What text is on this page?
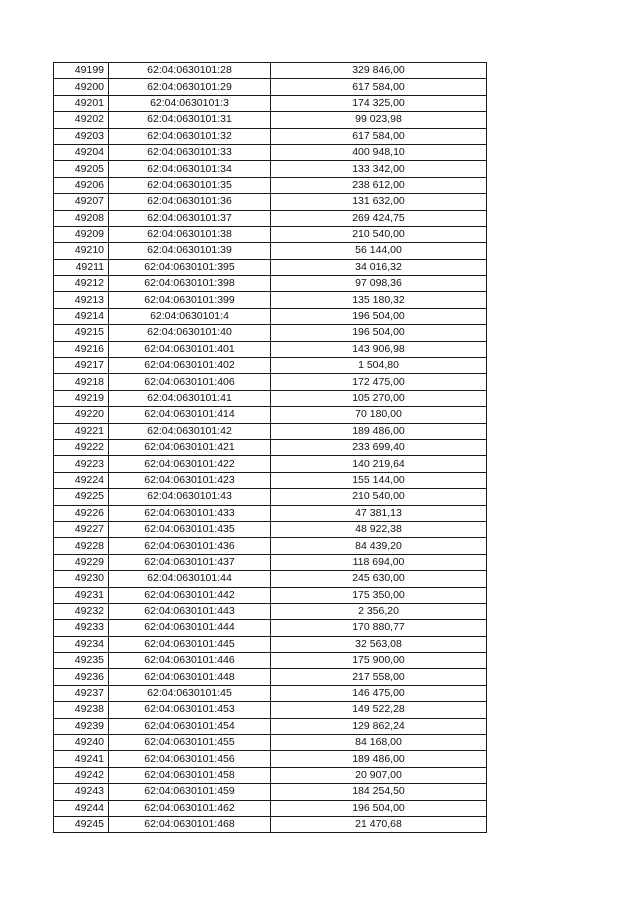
49199	62:04:0630101:28	329 846,00
49200	62:04:0630101:29	617 584,00
49201	62:04:0630101:3	174 325,00
49202	62:04:0630101:31	99 023,98
49203	62:04:0630101:32	617 584,00
49204	62:04:0630101:33	400 948,10
49205	62:04:0630101:34	133 342,00
49206	62:04:0630101:35	238 612,00
49207	62:04:0630101:36	131 632,00
49208	62:04:0630101:37	269 424,75
49209	62:04:0630101:38	210 540,00
49210	62:04:0630101:39	56 144,00
49211	62:04:0630101:395	34 016,32
49212	62:04:0630101:398	97 098,36
49213	62:04:0630101:399	135 180,32
49214	62:04:0630101:4	196 504,00
49215	62:04:0630101:40	196 504,00
49216	62:04:0630101:401	143 906,98
49217	62:04:0630101:402	1 504,80
49218	62:04:0630101:406	172 475,00
49219	62:04:0630101:41	105 270,00
49220	62:04:0630101:414	70 180,00
49221	62:04:0630101:42	189 486,00
49222	62:04:0630101:421	233 699,40
49223	62:04:0630101:422	140 219,64
49224	62:04:0630101:423	155 144,00
49225	62:04:0630101:43	210 540,00
49226	62:04:0630101:433	47 381,13
49227	62:04:0630101:435	48 922,38
49228	62:04:0630101:436	84 439,20
49229	62:04:0630101:437	118 694,00
49230	62:04:0630101:44	245 630,00
49231	62:04:0630101:442	175 350,00
49232	62:04:0630101:443	2 356,20
49233	62:04:0630101:444	170 880,77
49234	62:04:0630101:445	32 563,08
49235	62:04:0630101:446	175 900,00
49236	62:04:0630101:448	217 558,00
49237	62:04:0630101:45	146 475,00
49238	62:04:0630101:453	149 522,28
49239	62:04:0630101:454	129 862,24
49240	62:04:0630101:455	84 168,00
49241	62:04:0630101:456	189 486,00
49242	62:04:0630101:458	20 907,00
49243	62:04:0630101:459	184 254,50
49244	62:04:0630101:462	196 504,00
49245	62:04:0630101:468	21 470,68
